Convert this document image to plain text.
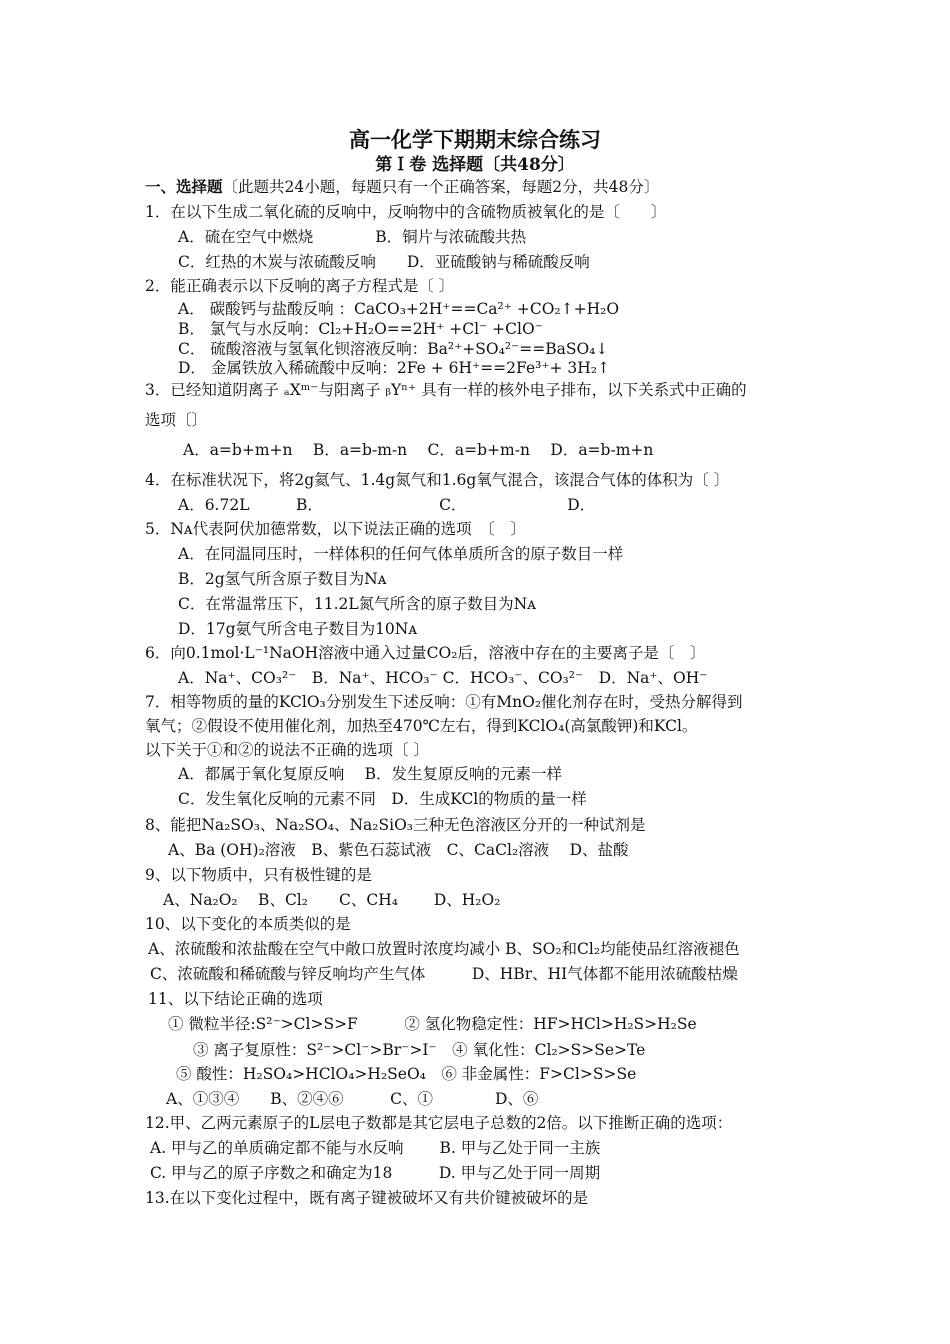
高一化学下期期末综合练习
第Ｉ卷 选择题〔共48分〕
一、选择题〔此题共24小题，每题只有一个正确答案，每题2分，共48分〕
1．在以下生成二氧化硫的反响中，反响物中的含硫物质被氧化的是〔　　〕
A．硫在空气中燃烧　　　　B．铜片与浓硫酸共热
C．红热的木炭与浓硫酸反响　　D．亚硫酸钠与稀硫酸反响
2．能正确表示以下反响的离子方程式是〔 〕
A． 碳酸钙与盐酸反响 ：CaCO₃+2H⁺==Ca²⁺ +CO₂↑+H₂O
B． 氯气与水反响：Cl₂+H₂O==2H⁺ +Cl⁻ +ClO⁻
C． 硫酸溶液与氢氧化钡溶液反响：Ba²⁺+SO₄²⁻==BaSO₄↓
D． 金属铁放入稀硫酸中反响：2Fe + 6H⁺==2Fe³⁺+ 3H₂↑
3．已经知道阴离子 ₐXᵐ⁻与阳离子 ᵦYⁿ⁺ 具有一样的核外电子排布，以下关系式中正确的
选项〔〕
A．a=b+m+n　 B．a=b-m-n　 C．a=b+m-n　 D．a=b-m+n
4．在标准状况下，将2g氦气、1.4g氮气和1.6g氧气混合，该混合气体的体积为〔 〕
A．6.72L　　　B．　　　　　　　　C．　　　　　　　D．
5．Nᴀ代表阿伏加德常数，以下说法正确的选项　〔　〕
A．在同温同压时，一样体积的任何气体单质所含的原子数目一样
B．2g氢气所含原子数目为Nᴀ
C．在常温常压下，11.2L氮气所含的原子数目为Nᴀ
D．17g氨气所含电子数目为10Nᴀ
6．向0.1mol·L⁻¹NaOH溶液中通入过量CO₂后，溶液中存在的主要离子是〔　〕
A．Na⁺、CO₃²⁻　B．Na⁺、HCO₃⁻ C．HCO₃⁻、CO₃²⁻　D．Na⁺、OH⁻
7．相等物质的量的KClO₃分别发生下述反响：①有MnO₂催化剂存在时，受热分解得到
氧气；②假设不使用催化剂，加热至470℃左右，得到KClO₄(高氯酸钾)和KCl。
以下关于①和②的说法不正确的选项〔 〕
A．都属于氧化复原反响　 B．发生复原反响的元素一样
C．发生氧化反响的元素不同　D．生成KCl的物质的量一样
8、能把Na₂SO₃、Na₂SO₄、Na₂SiO₃三种无色溶液区分开的一种试剂是
A、Ba (OH)₂溶液　B、紫色石蕊试液　C、CaCl₂溶液　 D、盐酸
9、以下物质中，只有极性键的是
A、Na₂O₂　 B、Cl₂　　C、CH₄　　 D、H₂O₂
10、以下变化的本质类似的是
A、浓硫酸和浓盐酸在空气中敞口放置时浓度均减小 B、SO₂和Cl₂均能使品红溶液褪色
C、浓硫酸和稀硫酸与锌反响均产生气体　　　D、HBr、HI气体都不能用浓硫酸枯燥
11、以下结论正确的选项
① 微粒半径:S²⁻>Cl>S>F　　　② 氢化物稳定性：HF>HCl>H₂S>H₂Se
③ 离子复原性：S²⁻>Cl⁻>Br⁻>I⁻　④ 氧化性：Cl₂>S>Se>Te
⑤ 酸性：H₂SO₄>HClO₄>H₂SeO₄　⑥ 非金属性：F>Cl>S>Se
A、①③④　　B、②④⑥　　　C、①　　　　D、⑥
12.甲、乙两元素原子的L层电子数都是其它层电子总数的2倍。以下推断正确的选项：
A. 甲与乙的单质确定都不能与水反响　　 B. 甲与乙处于同一主族
C. 甲与乙的原子序数之和确定为18　　　D. 甲与乙处于同一周期
13.在以下变化过程中，既有离子键被破坏又有共价键被破坏的是
